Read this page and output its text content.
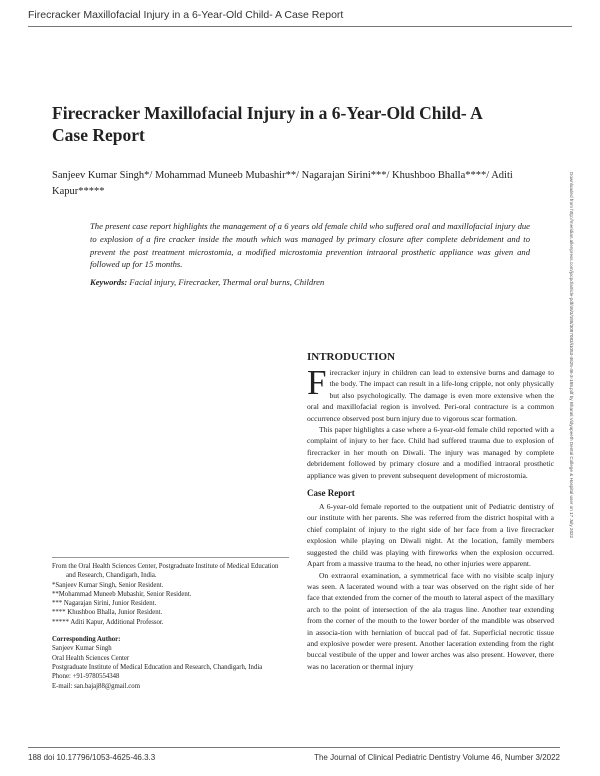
Firecracker Maxillofacial Injury in a 6-Year-Old Child- A Case Report
Firecracker Maxillofacial Injury in a 6-Year-Old Child- A Case Report
Sanjeev Kumar Singh*/ Mohammad Muneeb Mubashir**/ Nagarajan Sirini***/ Khushboo Bhalla****/ Aditi Kapur*****
The present case report highlights the management of a 6 years old female child who suffered oral and maxillofacial injury due to explosion of a fire cracker inside the mouth which was managed by primary closure after complete debridement and to prevent the post treatment microstomia, a modified microstomia prevention intraoral prosthetic appliance was given and followed up for 15 months.
Keywords: Facial injury, Firecracker, Thermal oral burns, Children	Downloaded from http://meridian.allenpress.com/jocpd/article-pdf/46/3/188/3087083/i1053-4625-46-3-188.pdf by Bharati Vidyapeeth Dental College & Hospital user on 17 July 2022
INTRODUCTION

Firecracker injury in children can lead to extensive burns and damage to the body. The impact can result in a life-long cripple, not only physically but also psychologically. The damage is even more extensive when the oral and maxillofacial region is involved. Peri-oral contracture is a common occurrence observed post burn injury due to vigorous scar formation.

This paper highlights a case where a 6-year-old female child reported with a complaint of injury to her face. Child had suffered trauma due to explosion of firecracker in her mouth on Diwali. The injury was managed by complete debridement followed by primary closure and a modified intraoral prosthetic appliance was given to prevent subsequent development of microstomia.

Case Report

A 6-year-old female reported to the outpatient unit of Pediatric dentistry of our institute with her parents. She was referred from the district hospital with a chief complaint of injury to the right side of her face from a live firecracker explosion while playing on Diwali night. At the location, family members suggested the child was playing with fireworks when the explosion occurred. Apart from a massive trauma to the head, no other injuries were apparent.

On extraoral examination, a symmetrical face with no visible scalp injury was seen. A lacerated wound with a tear was observed on the right side of her face that extended from the corner of the mouth to lateral aspect of the maxillary arch to the point of intersection of the ala tragus line. Another tear extending from the corner of the mouth to the lower border of the mandible was observed in associa-tion with herniation of buccal pad of fat. Superficial necrotic tissue and explosive powder were present. Another laceration extending from the right buccal vestibule of the upper and lower arches was also present. However, there was no laceration or thermal injury

From the Oral Health Sciences Center, Postgraduate Institute of Medical Education and Research, Chandigarh, India.
*Sanjeev Kumar Singh, Senior Resident.
**Mohammad Muneeb Mubashir, Senior Resident.
*** Nagarajan Sirini, Junior Resident.
**** Khushboo Bhalla, Junior Resident.
***** Aditi Kapur, Additional Professor.
Corresponding Author:
Sanjeev Kumar Singh
Oral Health Sciences Center
Postgraduate Institute of Medical Education and Research, Chandigarh, India
Phone: +91-9780554348
E-mail: san.bajaj88@gmail.com
188 doi 10.17796/1053-4625-46.3.3	The Journal of Clinical Pediatric Dentistry Volume 46, Number 3/2022
